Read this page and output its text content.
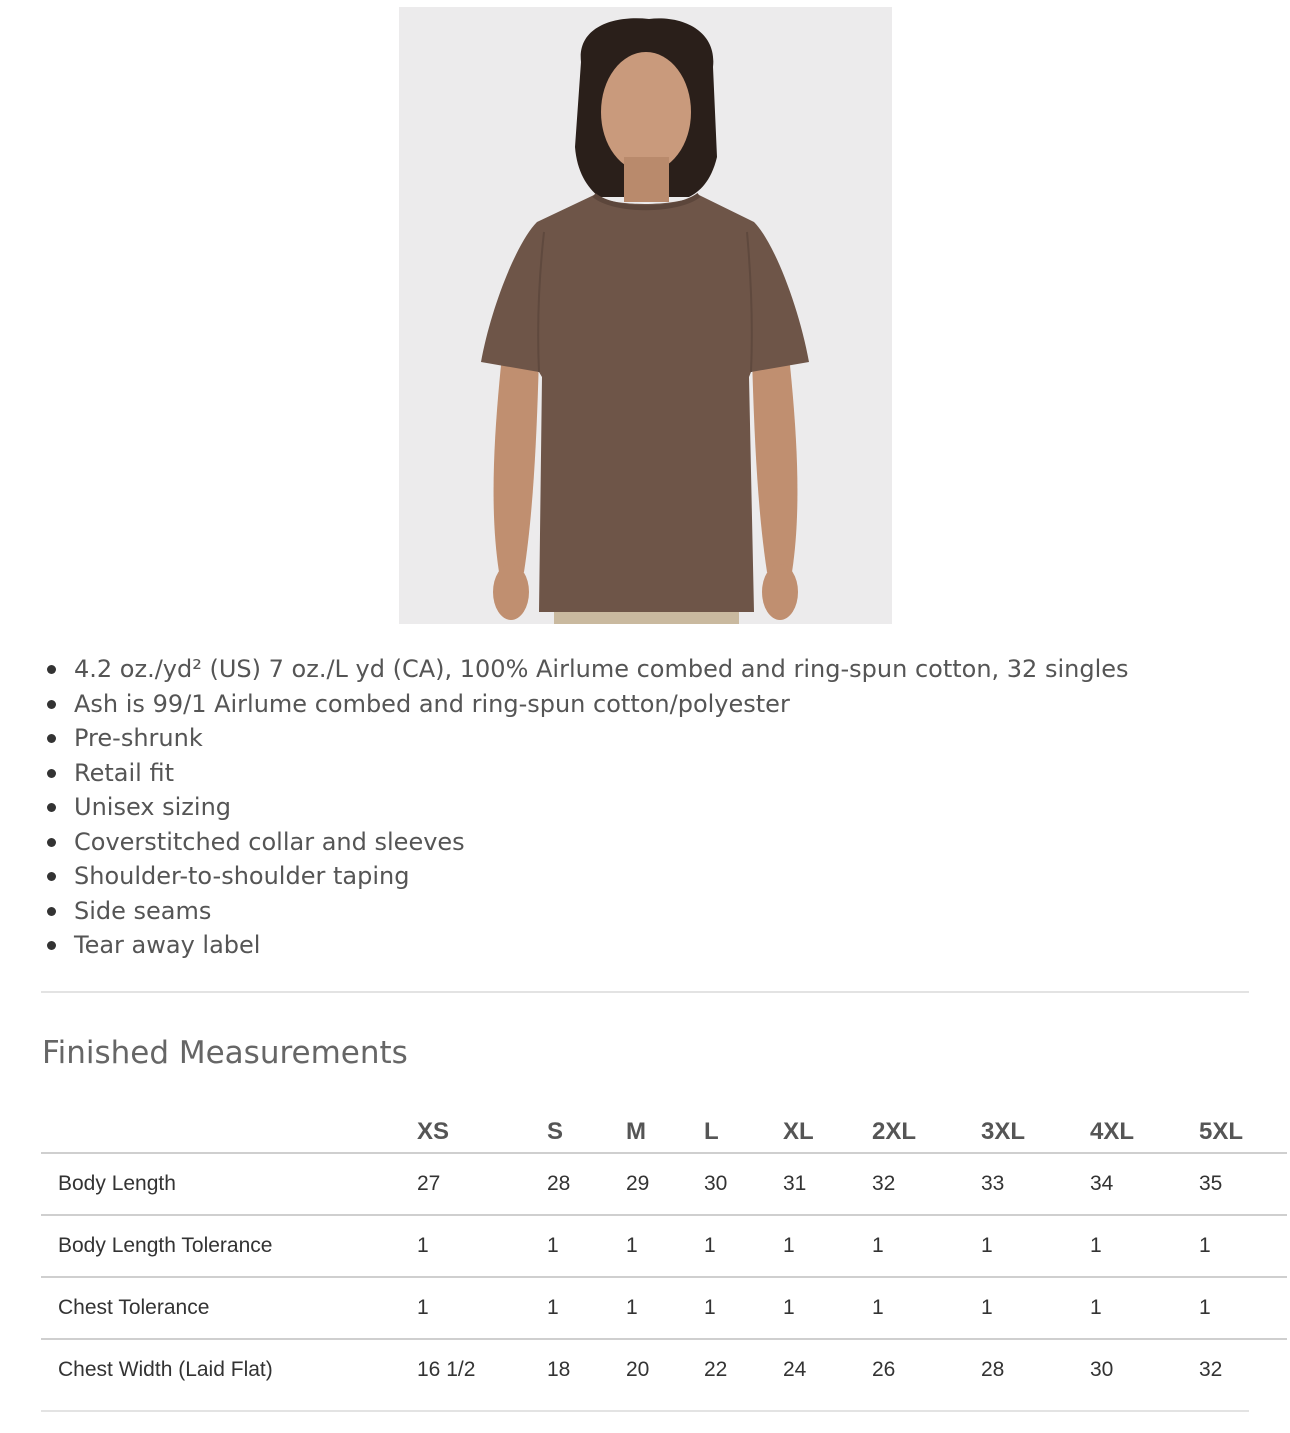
4.2 oz./yd² (US) 7 oz./L yd (CA), 100% Airlume combed and ring-spun cotton, 32 singles
Ash is 99/1 Airlume combed and ring-spun cotton/polyester
Pre-shrunk
Retail fit
Unisex sizing
Coverstitched collar and sleeves
Shoulder-to-shoulder taping
Side seams
Tear away label
Finished Measurements
	XS	S	M	L	XL	2XL	3XL	4XL	5XL
Body Length	27	28	29	30	31	32	33	34	35
Body Length Tolerance	1	1	1	1	1	1	1	1	1
Chest Tolerance	1	1	1	1	1	1	1	1	1
Chest Width (Laid Flat)	16 1/2	18	20	22	24	26	28	30	32
